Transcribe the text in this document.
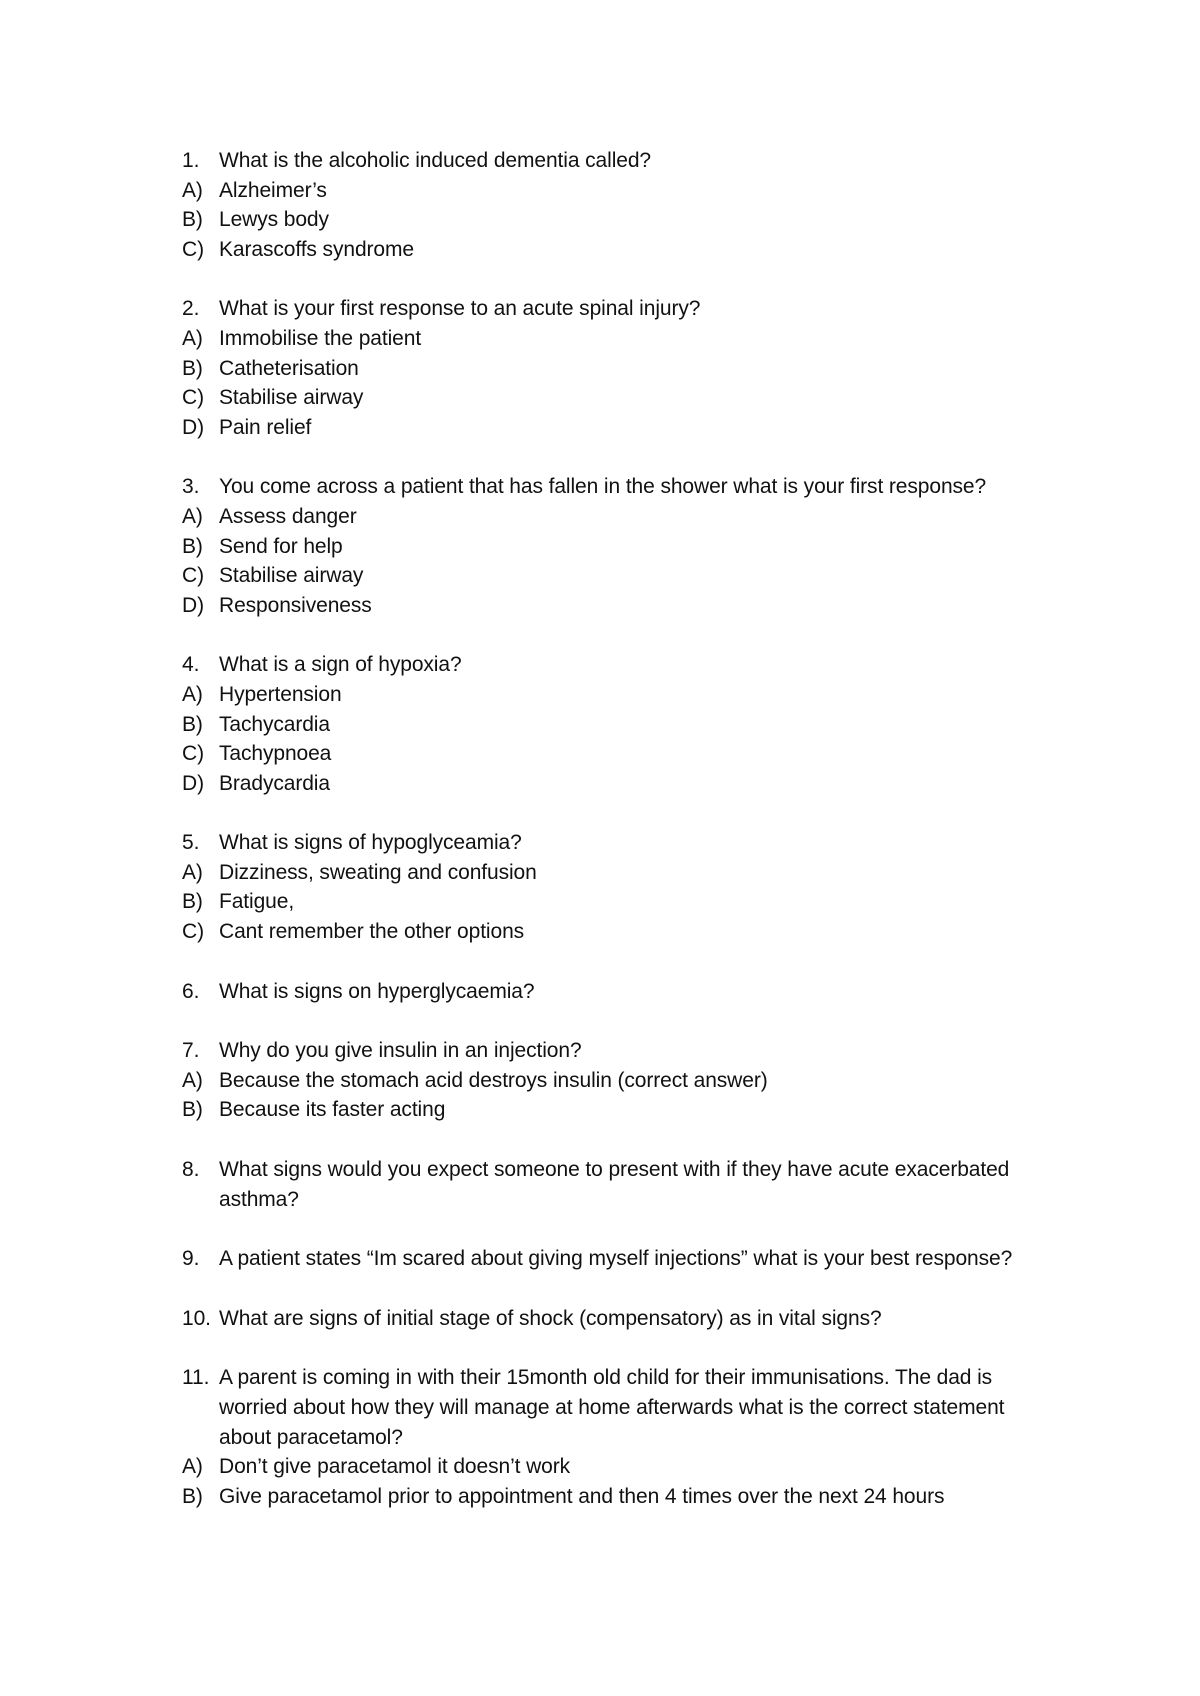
1. What is the alcoholic induced dementia called?
A) Alzheimer’s
B) Lewys body
C) Karascoffs syndrome
2. What is your first response to an acute spinal injury?
A) Immobilise the patient
B) Catheterisation
C) Stabilise airway
D) Pain relief
3. You come across a patient that has fallen in the shower what is your first response?
A) Assess danger
B) Send for help
C) Stabilise airway
D) Responsiveness
4. What is a sign of hypoxia?
A) Hypertension
B) Tachycardia
C) Tachypnoea
D) Bradycardia
5. What is signs of hypoglyceamia?
A) Dizziness, sweating and confusion
B) Fatigue,
C) Cant remember the other options
6. What is signs on hyperglycaemia?
7. Why do you give insulin in an injection?
A) Because the stomach acid destroys insulin (correct answer)
B) Because its faster acting
8. What signs would you expect someone to present with if they have acute exacerbated asthma?
9. A patient states “Im scared about giving myself injections” what is your best response?
10. What are signs of initial stage of shock (compensatory) as in vital signs?
11. A parent is coming in with their 15month old child for their immunisations. The dad is worried about how they will manage at home afterwards what is the correct statement about paracetamol?
A) Don’t give paracetamol it doesn’t work
B) Give paracetamol prior to appointment and then 4 times over the next 24 hours
